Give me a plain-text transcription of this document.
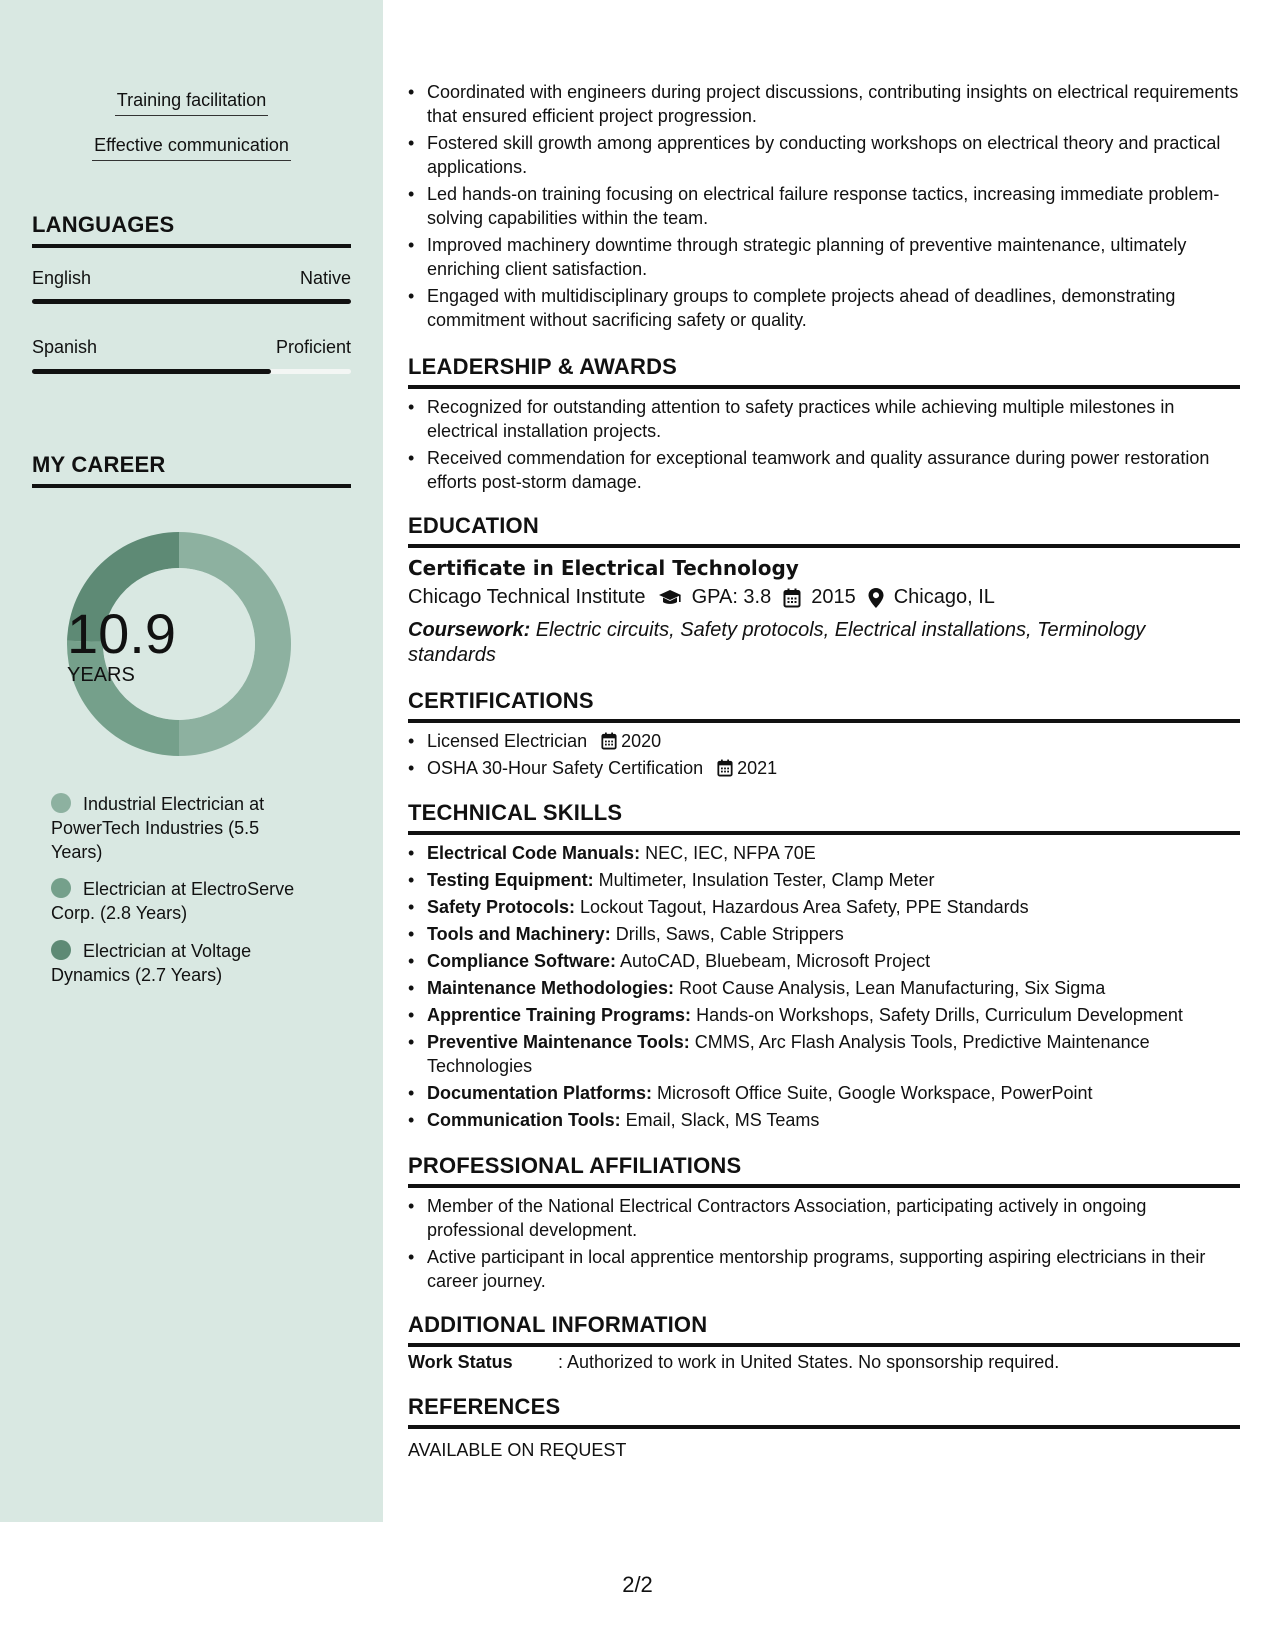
Training facilitation
Effective communication
LANGUAGES
English	Native
Spanish	Proficient
MY CAREER
10.9
YEARS
Industrial Electrician at PowerTech Industries (5.5 Years)
Electrician at ElectroServe Corp. (2.8 Years)
Electrician at Voltage Dynamics (2.7 Years)
• Coordinated with engineers during project discussions, contributing insights on electrical requirements that ensured efficient project progression.
• Fostered skill growth among apprentices by conducting workshops on electrical theory and practical applications.
• Led hands-on training focusing on electrical failure response tactics, increasing immediate problem-solving capabilities within the team.
• Improved machinery downtime through strategic planning of preventive maintenance, ultimately enriching client satisfaction.
• Engaged with multidisciplinary groups to complete projects ahead of deadlines, demonstrating commitment without sacrificing safety or quality.
LEADERSHIP & AWARDS
• Recognized for outstanding attention to safety practices while achieving multiple milestones in electrical installation projects.
• Received commendation for exceptional teamwork and quality assurance during power restoration efforts post-storm damage.
EDUCATION
Certificate in Electrical Technology
Chicago Technical Institute GPA: 3.8 2015 Chicago, IL
Coursework: Electric circuits, Safety protocols, Electrical installations, Terminology standards
CERTIFICATIONS
• Licensed Electrician 2020
• OSHA 30-Hour Safety Certification 2021
TECHNICAL SKILLS
• Electrical Code Manuals: NEC, IEC, NFPA 70E
• Testing Equipment: Multimeter, Insulation Tester, Clamp Meter
• Safety Protocols: Lockout Tagout, Hazardous Area Safety, PPE Standards
• Tools and Machinery: Drills, Saws, Cable Strippers
• Compliance Software: AutoCAD, Bluebeam, Microsoft Project
• Maintenance Methodologies: Root Cause Analysis, Lean Manufacturing, Six Sigma
• Apprentice Training Programs: Hands-on Workshops, Safety Drills, Curriculum Development
• Preventive Maintenance Tools: CMMS, Arc Flash Analysis Tools, Predictive Maintenance Technologies
• Documentation Platforms: Microsoft Office Suite, Google Workspace, PowerPoint
• Communication Tools: Email, Slack, MS Teams
PROFESSIONAL AFFILIATIONS
• Member of the National Electrical Contractors Association, participating actively in ongoing professional development.
• Active participant in local apprentice mentorship programs, supporting aspiring electricians in their career journey.
ADDITIONAL INFORMATION
Work Status	: Authorized to work in United States. No sponsorship required.
REFERENCES
AVAILABLE ON REQUEST
2/2
